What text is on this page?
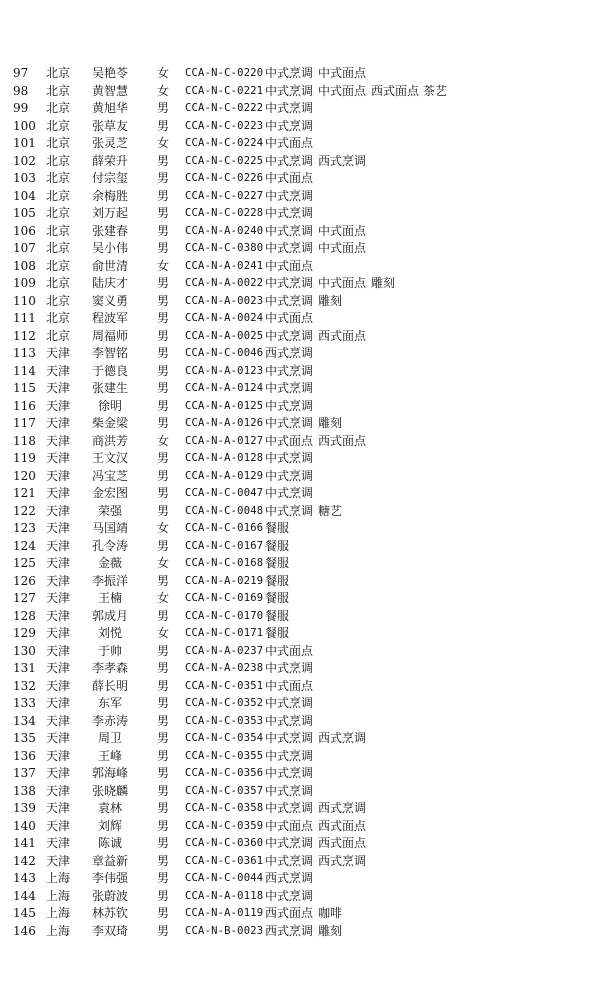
97 北京	吴艳苓	女 CCA-N-C-0220 中式烹调 中式面点
98 北京	黄智慧	女 CCA-N-C-0221 中式烹调 中式面点 西式面点 茶艺
99 北京	黄旭华	男 CCA-N-C-0222 中式烹调
100 北京	张草友	男 CCA-N-C-0223 中式烹调
101 北京	张灵芝	女 CCA-N-C-0224 中式面点
102 北京	薛荣升	男 CCA-N-C-0225 中式烹调 西式烹调
103 北京	付宗玺	男 CCA-N-C-0226 中式面点
104 北京	余梅胜	男 CCA-N-C-0227 中式烹调
105 北京	刘万起	男 CCA-N-C-0228 中式烹调
106 北京	张建春	男 CCA-N-A-0240 中式烹调 中式面点
107 北京	吴小伟	男 CCA-N-C-0380 中式烹调 中式面点
108 北京	俞世清	女 CCA-N-A-0241 中式面点
109 北京	陆庆才	男 CCA-N-A-0022 中式烹调 中式面点 雕刻
110 北京	窦义勇	男 CCA-N-A-0023 中式烹调 雕刻
111 北京	程波军	男 CCA-N-A-0024 中式面点
112 北京	周福师	男 CCA-N-A-0025 中式烹调 西式面点
113 天津	李智铭	男 CCA-N-C-0046 西式烹调
114 天津	于德良	男 CCA-N-A-0123 中式烹调
115 天津	张建生	男 CCA-N-A-0124 中式烹调
116 天津	徐明	男 CCA-N-A-0125 中式烹调
117 天津	柴金梁	男 CCA-N-A-0126 中式烹调 雕刻
118 天津	商洪芳	女 CCA-N-A-0127 中式面点 西式面点
119 天津	王文汉	男 CCA-N-A-0128 中式烹调
120 天津	冯宝芝	男 CCA-N-A-0129 中式烹调
121 天津	金宏图	男 CCA-N-C-0047 中式烹调
122 天津	荣强	男 CCA-N-C-0048 中式烹调 糖艺
123 天津	马国靖	女 CCA-N-C-0166 餐服
124 天津	孔令涛	男 CCA-N-C-0167 餐服
125 天津	金薇	女 CCA-N-C-0168 餐服
126 天津	李振洋	男 CCA-N-A-0219 餐服
127 天津	王楠	女 CCA-N-C-0169 餐服
128 天津	郭成月	男 CCA-N-C-0170 餐服
129 天津	刘悦	女 CCA-N-C-0171 餐服
130 天津	于帅	男 CCA-N-A-0237 中式面点
131 天津	李孝森	男 CCA-N-A-0238 中式烹调
132 天津	薛长明	男 CCA-N-C-0351 中式面点
133 天津	东军	男 CCA-N-C-0352 中式烹调
134 天津	李赤涛	男 CCA-N-C-0353 中式烹调
135 天津	周卫	男 CCA-N-C-0354 中式烹调 西式烹调
136 天津	王峰	男 CCA-N-C-0355 中式烹调
137 天津	郭海峰	男 CCA-N-C-0356 中式烹调
138 天津	张晓麟	男 CCA-N-C-0357 中式烹调
139 天津	袁林	男 CCA-N-C-0358 中式烹调 西式烹调
140 天津	刘辉	男 CCA-N-C-0359 中式面点 西式面点
141 天津	陈诚	男 CCA-N-C-0360 中式烹调 西式面点
142 天津	章益新	男 CCA-N-C-0361 中式烹调 西式烹调
143 上海	李伟强	男 CCA-N-C-0044 西式烹调
144 上海	张蔚波	男 CCA-N-A-0118 中式烹调
145 上海	林苏钦	男 CCA-N-A-0119 西式面点 咖啡
146 上海	李双琦	男 CCA-N-B-0023 西式烹调 雕刻
